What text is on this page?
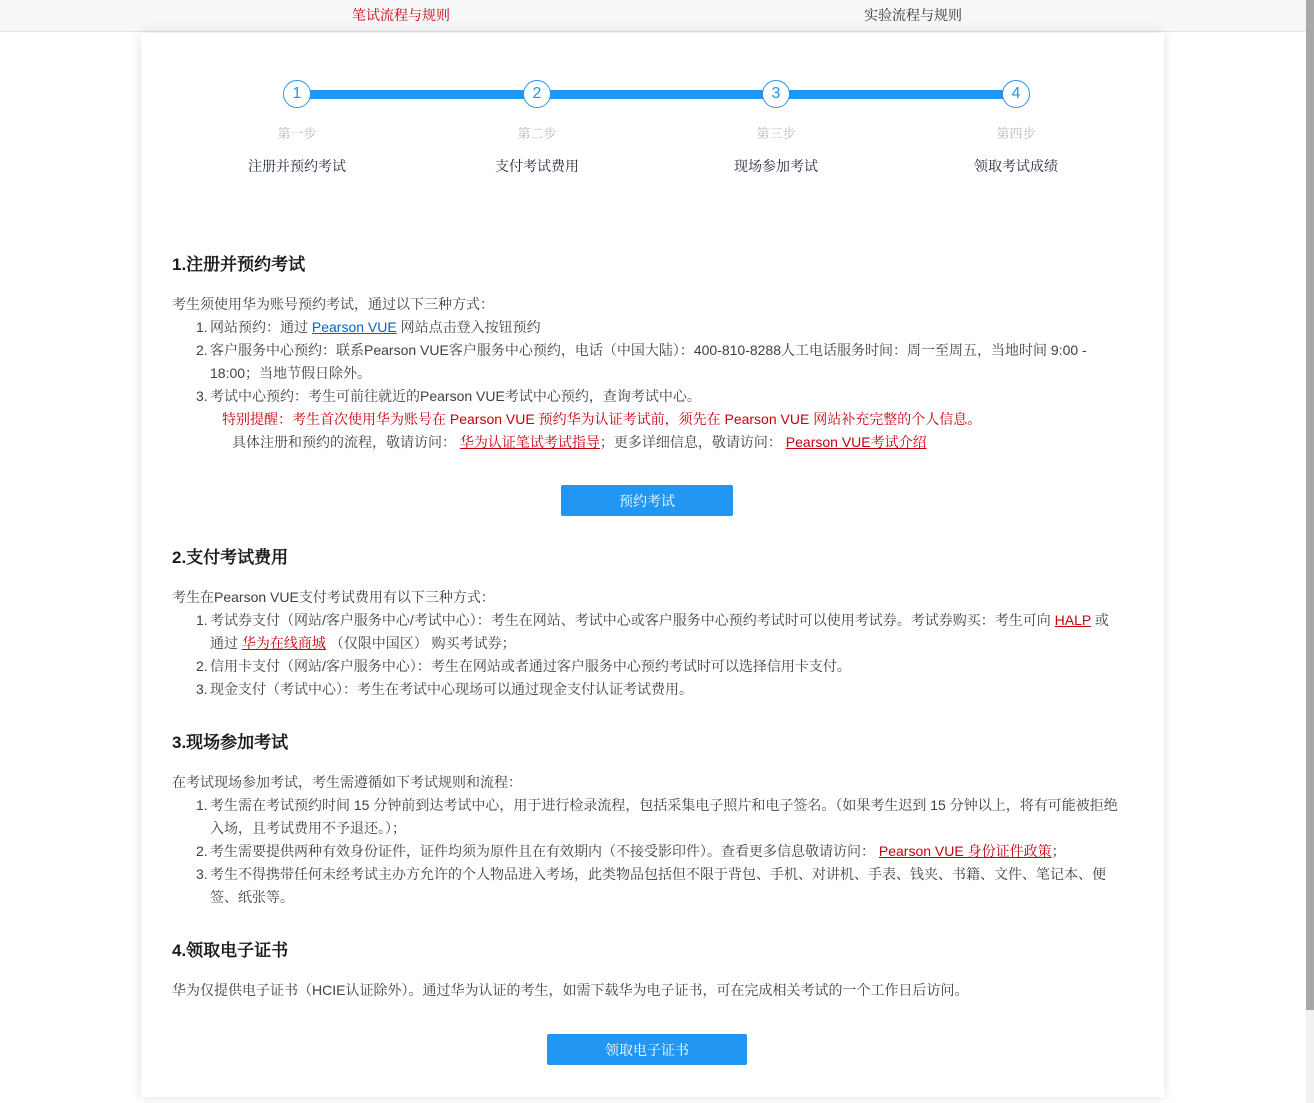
笔试流程与规则	实验流程与规则
1
第一步
注册并预约考试
2
第二步
支付考试费用
3
第三步
现场参加考试
4
第四步
领取考试成绩
1.注册并预约考试

考生须使用华为账号预约考试，通过以下三种方式：

网站预约：通过 Pearson VUE 网站点击登入按钮预约
客户服务中心预约：联系Pearson VUE客户服务中心预约，电话（中国大陆）：400-810-8288人工电话服务时间：周一至周五，当地时间 9:00 - 18:00；当地节假日除外。
考试中心预约：考生可前往就近的Pearson VUE考试中心预约，查询考试中心。

特别提醒：考生首次使用华为账号在 Pearson VUE 预约华为认证考试前，须先在 Pearson VUE 网站补充完整的个人信息。

具体注册和预约的流程，敬请访问： 华为认证笔试考试指导；更多详细信息，敬请访问： Pearson VUE考试介绍

预约考试
2.支付考试费用

考生在Pearson VUE支付考试费用有以下三种方式：

考试券支付（网站/客户服务中心/考试中心）：考生在网站、考试中心或客户服务中心预约考试时可以使用考试券。考试券购买：考生可向 HALP 或通过 华为在线商城 （仅限中国区） 购买考试券；
信用卡支付（网站/客户服务中心）：考生在网站或者通过客户服务中心预约考试时可以选择信用卡支付。
现金支付（考试中心）：考生在考试中心现场可以通过现金支付认证考试费用。
3.现场参加考试

在考试现场参加考试，考生需遵循如下考试规则和流程：

考生需在考试预约时间 15 分钟前到达考试中心，用于进行检录流程，包括采集电子照片和电子签名。（如果考生迟到 15 分钟以上，将有可能被拒绝入场，且考试费用不予退还。）；
考生需要提供两种有效身份证件，证件均须为原件且在有效期内（不接受影印件）。查看更多信息敬请访问： Pearson VUE 身份证件政策；
考生不得携带任何未经考试主办方允许的个人物品进入考场，此类物品包括但不限于背包、手机、对讲机、手表、钱夹、书籍、文件、笔记本、便签、纸张等。
4.领取电子证书

华为仅提供电子证书（HCIE认证除外）。通过华为认证的考生，如需下载华为电子证书，可在完成相关考试的一个工作日后访问。

领取电子证书
